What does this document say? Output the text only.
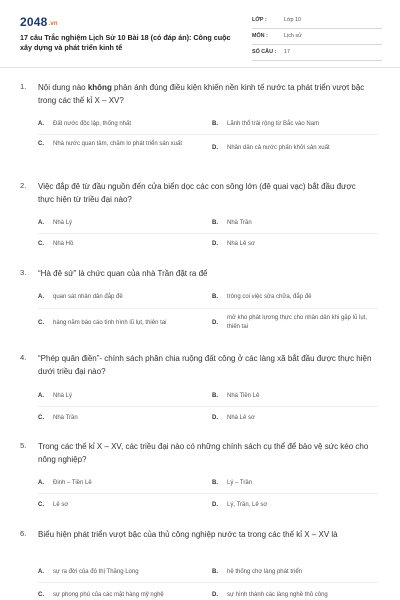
2048.vn
17 câu Trắc nghiệm Lịch Sử 10 Bài 18 (có đáp án): Công cuộc xây dựng và phát triển kinh tế
LỚP :	Lớp 10
MÔN :	Lịch sử
SỐ CÂU : 17
1. Nội dung nào không phản ánh đúng điều kiện khiến nền kinh tế nước ta phát triển vượt bậc trong các thế kỉ X – XV?
A.	Đất nước độc lập, thống nhất	B.	Lãnh thổ trải rộng từ Bắc vào Nam
C.	Nhà nước quan tâm, chăm lo phát triển sản xuất
D.	Nhân dân cả nước phấn khởi sản xuất
2. Việc đắp đê từ đầu nguồn đến cửa biển dọc các con sông lớn (đê quai vạc) bắt đầu được thực hiện từ triều đại nào?
A.	Nhà Lý	B.	Nhà Trần
C.	Nhà Hồ	D.	Nhà Lê sơ
3. “Hà đê sứ” là chức quan của nhà Trần đặt ra để
A.	quan sát nhân dân đắp đê	B.	trông coi việc sửa chữa, đắp đê
C.	hàng năm báo cáo tình hình lũ lụt, thiên tai	D.
mở kho phát lương thực cho nhân dân khi gặp lũ lụt, thiên tai
4. “Phép quân điền”- chính sách phân chia ruộng đất công ở các làng xã bắt đầu được thực hiện dưới triều đại nào?
A.	Nhà Lý	B.	Nhà Tiền Lê
C.	Nhà Trần	D.	Nhà Lê sơ
5. Trong các thế kỉ X – XV, các triều đại nào có những chính sách cụ thể để bảo vệ sức kéo cho nông nghiệp?
A.	Đinh – Tiền Lê	B.	Lý – Trần
C.	Lê sơ	D.	Lý, Trần, Lê sơ
6. Biểu hiện phát triển vượt bậc của thủ công nghiệp nước ta trong các thế kỉ X – XV là
A.	sự ra đời của đô thị Thăng Long	B.	hệ thống chợ làng phát triển
C.	sự phong phú của các mặt hàng mỹ nghệ	D.	sự hình thành các làng nghề thủ công
